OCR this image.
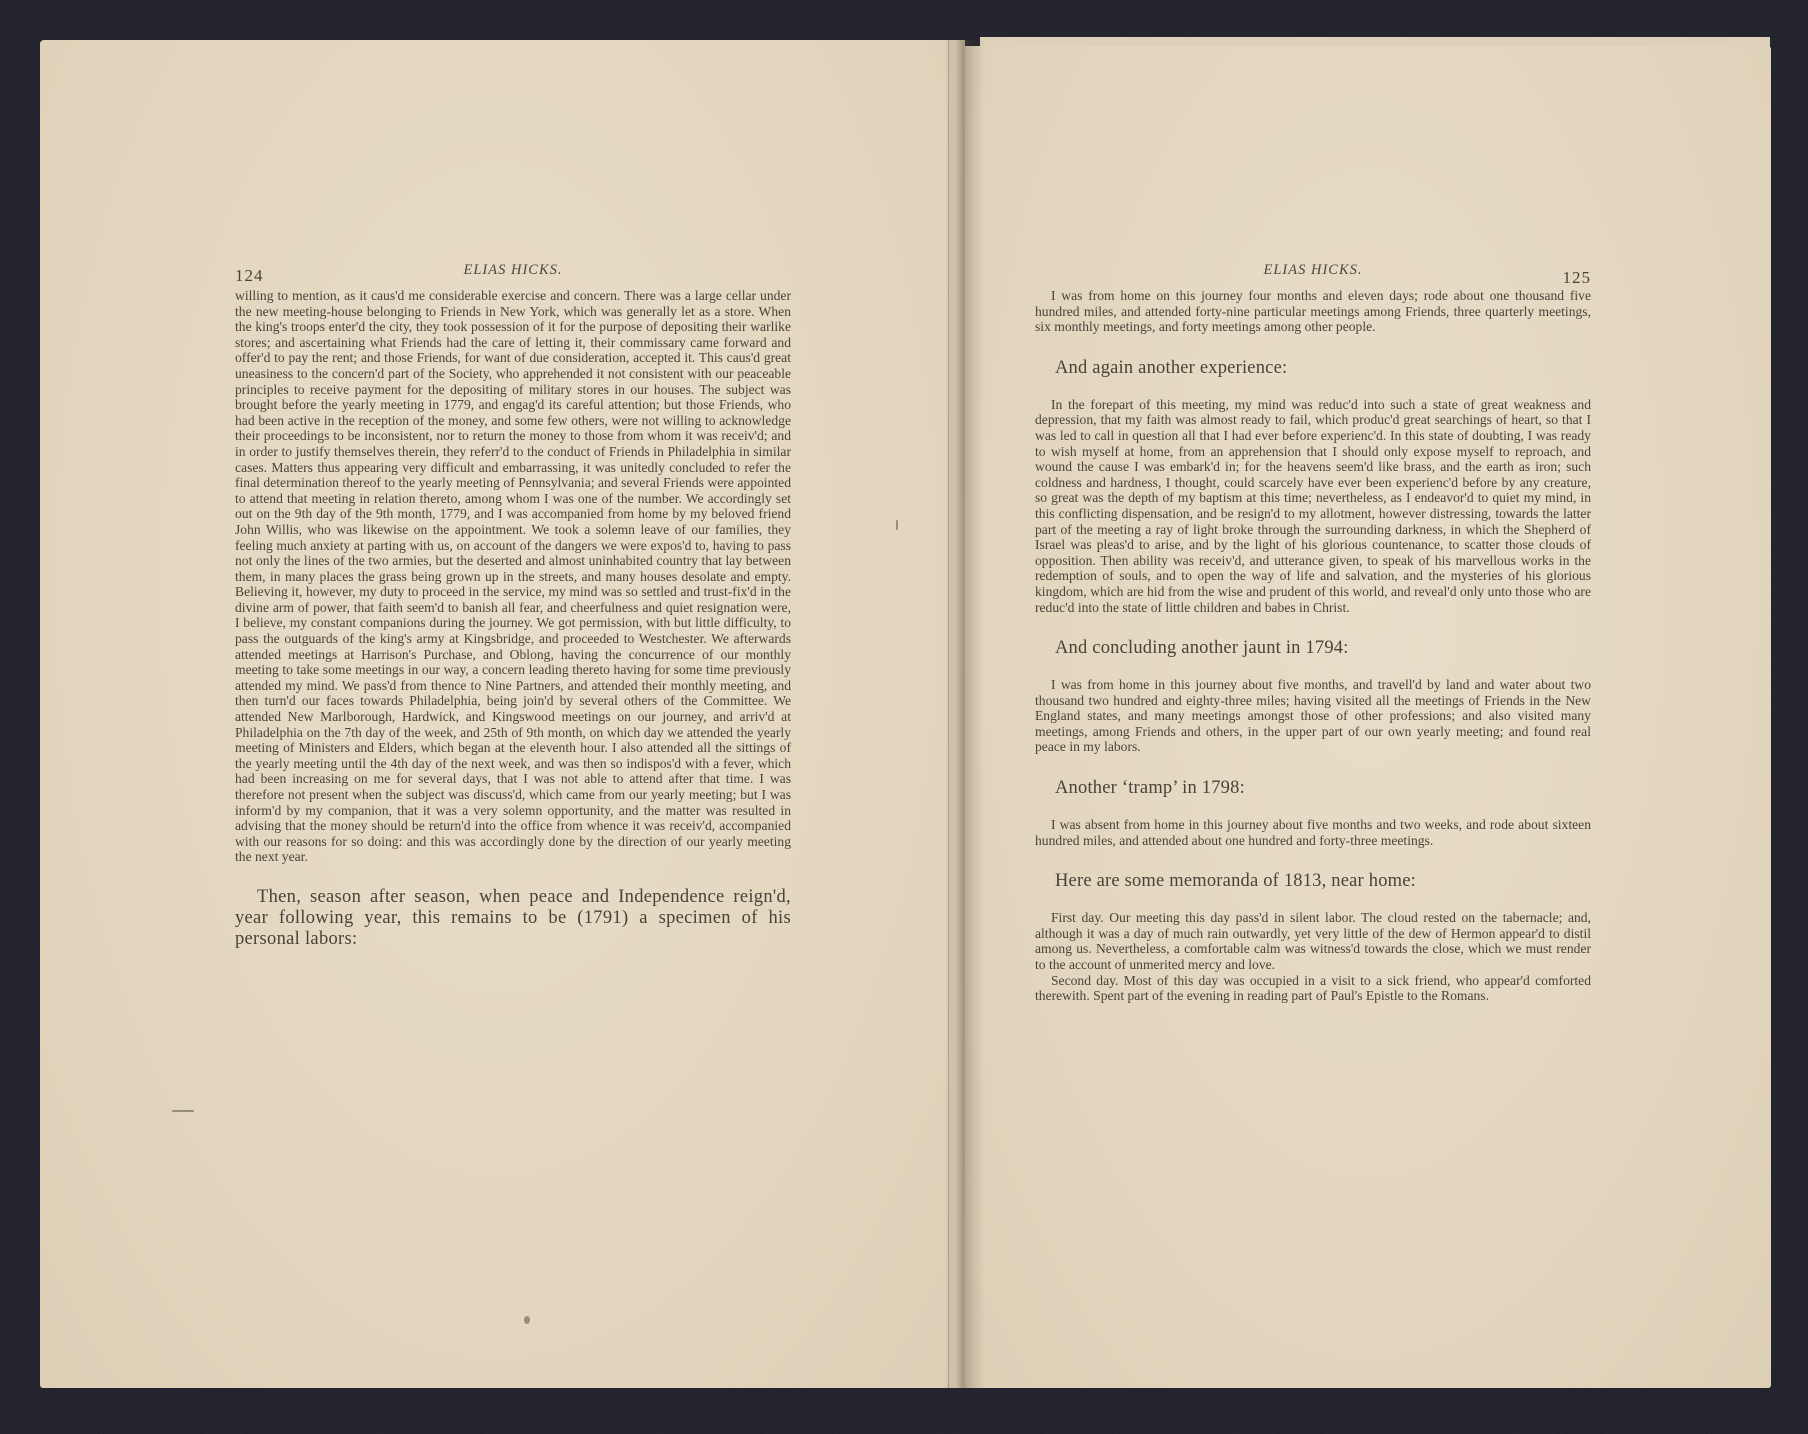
124	ELIAS HICKS.

willing to mention, as it caus'd me considerable exercise and concern. There was a large cellar under the new meeting-house belonging to Friends in New York, which was generally let as a store. When the king's troops enter'd the city, they took possession of it for the purpose of depositing their warlike stores; and ascertaining what Friends had the care of letting it, their commissary came forward and offer'd to pay the rent; and those Friends, for want of due consideration, accepted it. This caus'd great uneasiness to the concern'd part of the Society, who apprehended it not consistent with our peaceable principles to receive payment for the depositing of military stores in our houses. The subject was brought before the yearly meeting in 1779, and engag'd its careful attention; but those Friends, who had been active in the reception of the money, and some few others, were not willing to acknowledge their proceedings to be inconsistent, nor to return the money to those from whom it was receiv'd; and in order to justify themselves therein, they referr'd to the conduct of Friends in Philadelphia in similar cases. Matters thus appearing very difficult and embarrassing, it was unitedly concluded to refer the final determination thereof to the yearly meeting of Pennsylvania; and several Friends were appointed to attend that meeting in relation thereto, among whom I was one of the number. We accordingly set out on the 9th day of the 9th month, 1779, and I was accompanied from home by my beloved friend John Willis, who was likewise on the appointment. We took a solemn leave of our families, they feeling much anxiety at parting with us, on account of the dangers we were expos'd to, having to pass not only the lines of the two armies, but the deserted and almost uninhabited country that lay between them, in many places the grass being grown up in the streets, and many houses desolate and empty. Believing it, however, my duty to proceed in the service, my mind was so settled and trust-fix'd in the divine arm of power, that faith seem'd to banish all fear, and cheerfulness and quiet resignation were, I believe, my constant companions during the journey. We got permission, with but little difficulty, to pass the outguards of the king's army at Kingsbridge, and proceeded to Westchester. We afterwards attended meetings at Harrison's Purchase, and Oblong, having the concurrence of our monthly meeting to take some meetings in our way, a concern leading thereto having for some time previously attended my mind. We pass'd from thence to Nine Partners, and attended their monthly meeting, and then turn'd our faces towards Philadelphia, being join'd by several others of the Committee. We attended New Marlborough, Hardwick, and Kingswood meetings on our journey, and arriv'd at Philadelphia on the 7th day of the week, and 25th of 9th month, on which day we attended the yearly meeting of Ministers and Elders, which began at the eleventh hour. I also attended all the sittings of the yearly meeting until the 4th day of the next week, and was then so indispos'd with a fever, which had been increasing on me for several days, that I was not able to attend after that time. I was therefore not present when the subject was discuss'd, which came from our yearly meeting; but I was inform'd by my companion, that it was a very solemn opportunity, and the matter was resulted in advising that the money should be return'd into the office from whence it was receiv'd, accompanied with our reasons for so doing: and this was accordingly done by the direction of our yearly meeting the next year.

Then, season after season, when peace and Independence reign'd, year following year, this remains to be (1791) a specimen of his personal labors:

ELIAS HICKS.	125

I was from home on this journey four months and eleven days; rode about one thousand five hundred miles, and attended forty-nine particular meetings among Friends, three quarterly meetings, six monthly meetings, and forty meetings among other people.

And again another experience:

In the forepart of this meeting, my mind was reduc'd into such a state of great weakness and depression, that my faith was almost ready to fail, which produc'd great searchings of heart, so that I was led to call in question all that I had ever before experienc'd. In this state of doubting, I was ready to wish myself at home, from an apprehension that I should only expose myself to reproach, and wound the cause I was embark'd in; for the heavens seem'd like brass, and the earth as iron; such coldness and hardness, I thought, could scarcely have ever been experienc'd before by any creature, so great was the depth of my baptism at this time; nevertheless, as I endeavor'd to quiet my mind, in this conflicting dispensation, and be resign'd to my allotment, however distressing, towards the latter part of the meeting a ray of light broke through the surrounding darkness, in which the Shepherd of Israel was pleas'd to arise, and by the light of his glorious countenance, to scatter those clouds of opposition. Then ability was receiv'd, and utterance given, to speak of his marvellous works in the redemption of souls, and to open the way of life and salvation, and the mysteries of his glorious kingdom, which are hid from the wise and prudent of this world, and reveal'd only unto those who are reduc'd into the state of little children and babes in Christ.

And concluding another jaunt in 1794:

I was from home in this journey about five months, and travell'd by land and water about two thousand two hundred and eighty-three miles; having visited all the meetings of Friends in the New England states, and many meetings amongst those of other professions; and also visited many meetings, among Friends and others, in the upper part of our own yearly meeting; and found real peace in my labors.

Another ‘tramp’ in 1798:

I was absent from home in this journey about five months and two weeks, and rode about sixteen hundred miles, and attended about one hundred and forty-three meetings.

Here are some memoranda of 1813, near home:

First day. Our meeting this day pass'd in silent labor. The cloud rested on the tabernacle; and, although it was a day of much rain outwardly, yet very little of the dew of Hermon appear'd to distil among us. Nevertheless, a comfortable calm was witness'd towards the close, which we must render to the account of unmerited mercy and love.

Second day. Most of this day was occupied in a visit to a sick friend, who appear'd comforted therewith. Spent part of the evening in reading part of Paul's Epistle to the Romans.
